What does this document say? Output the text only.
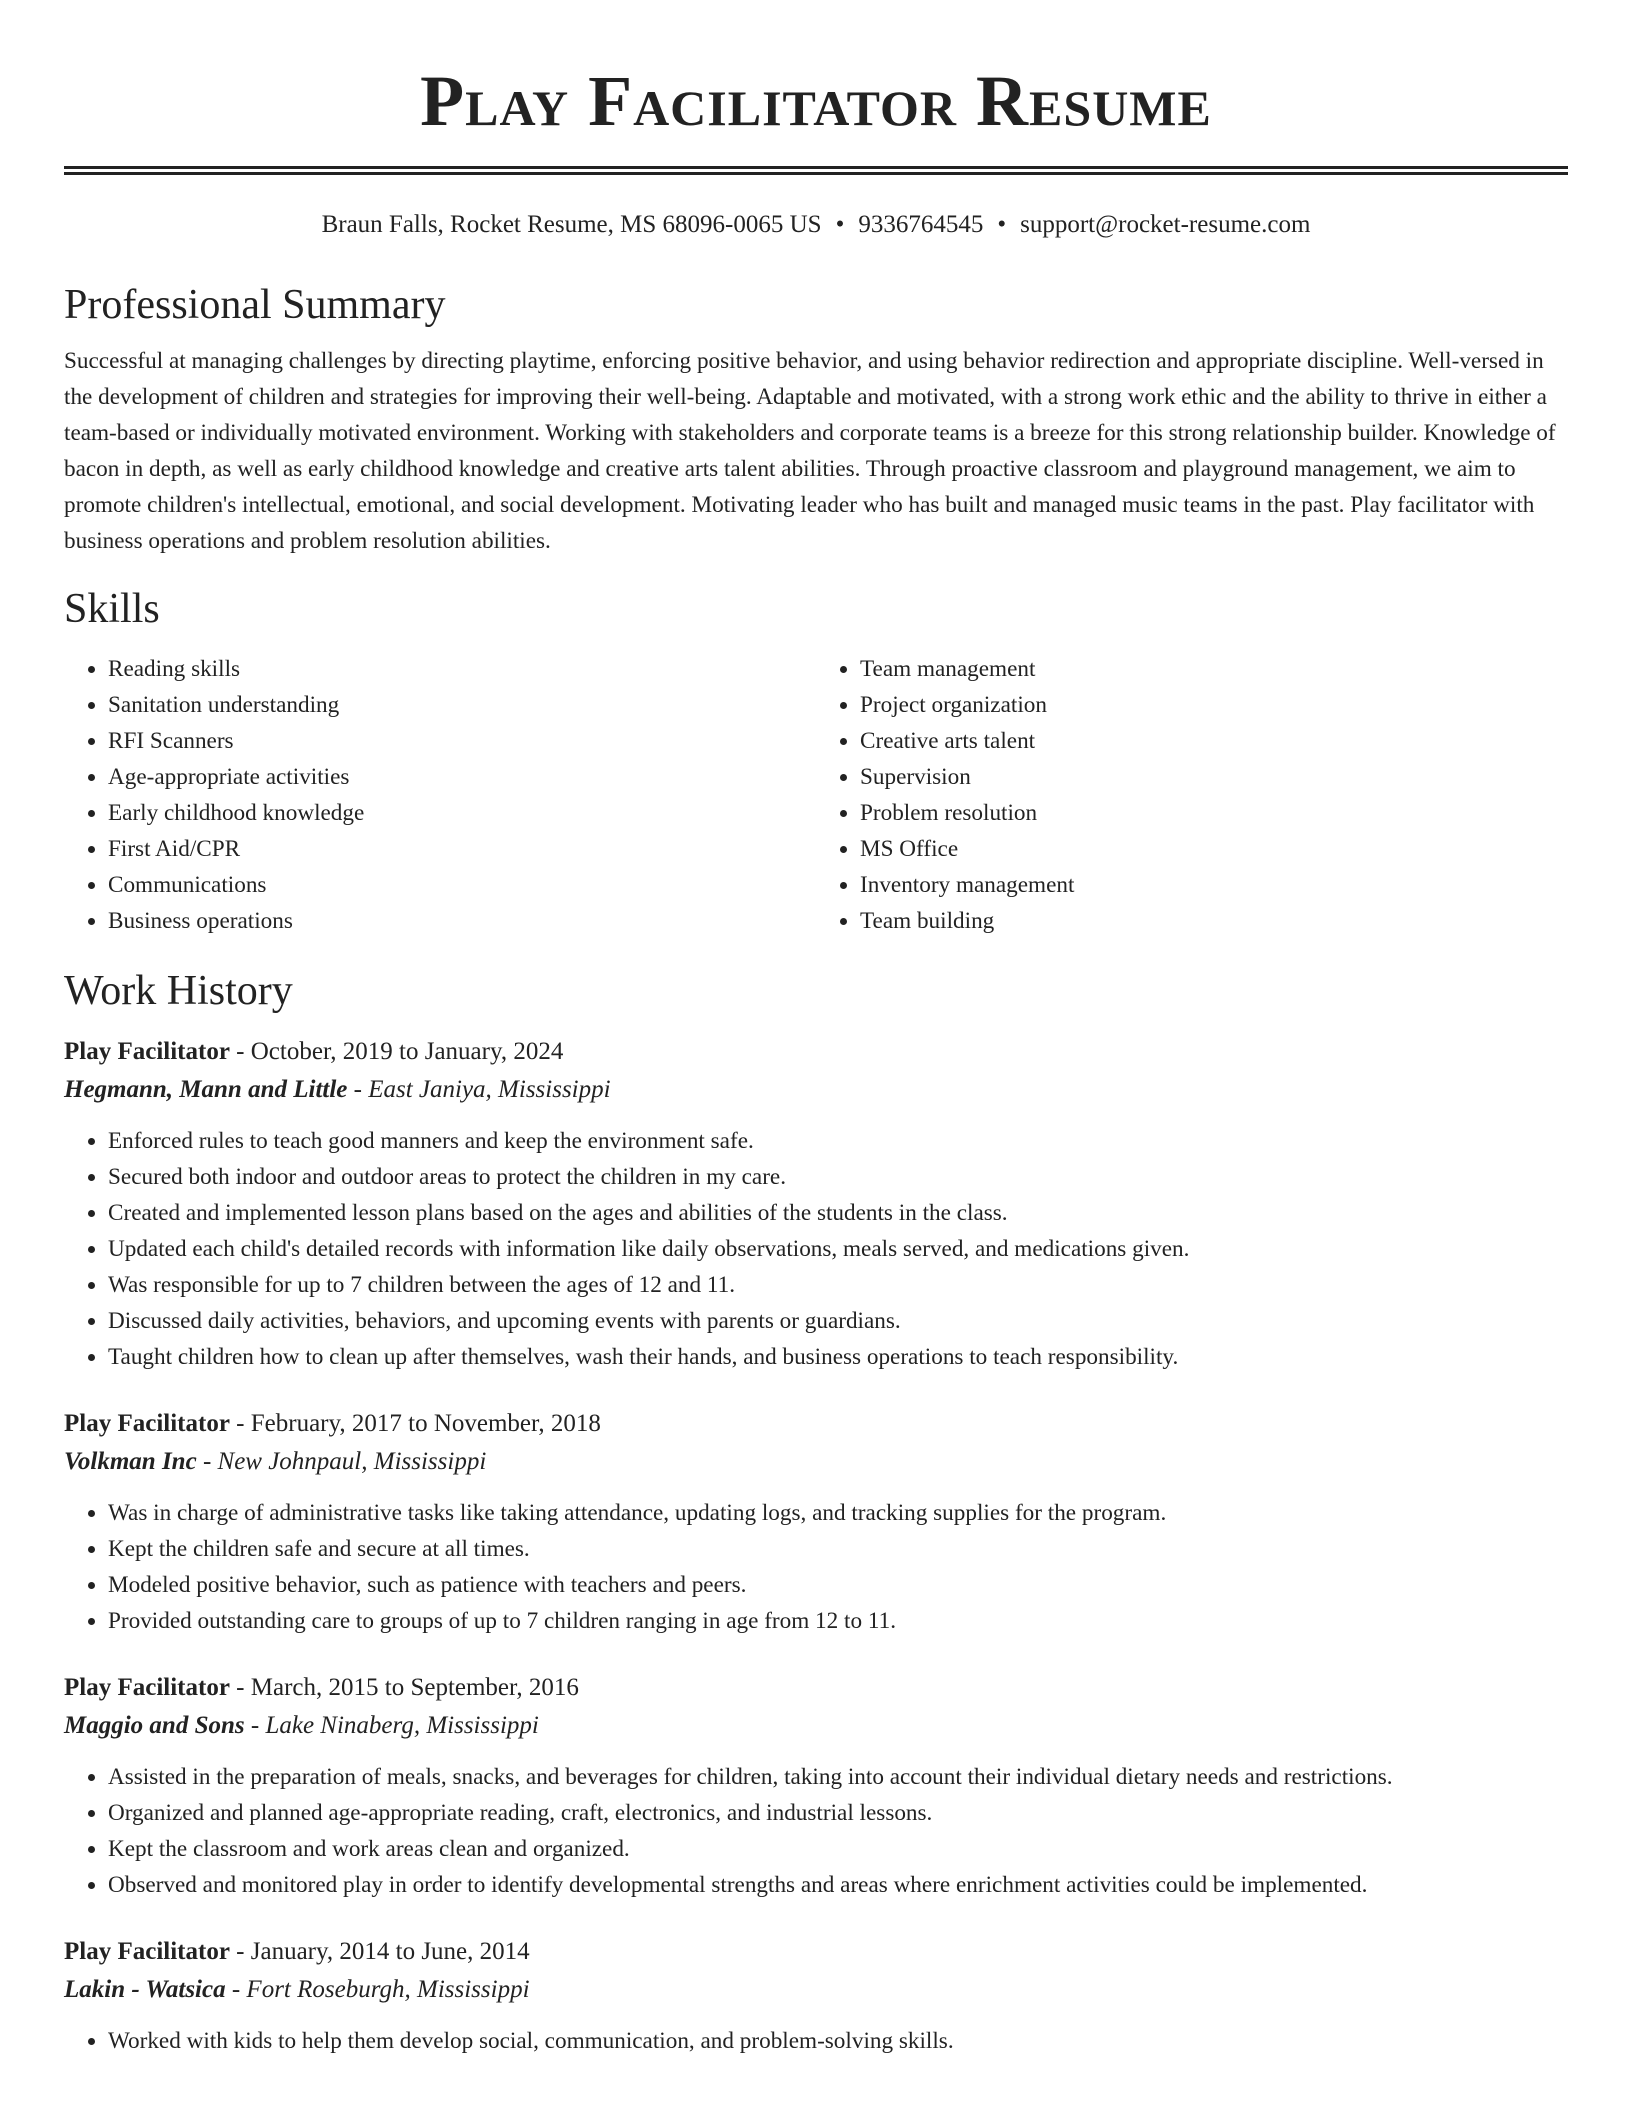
Play Facilitator Resume
Braun Falls, Rocket Resume, MS 68096-0065 US • 9336764545 • support@rocket-resume.com
Professional Summary

Successful at managing challenges by directing playtime, enforcing positive behavior, and using behavior redirection and appropriate discipline. Well-versed in the development of children and strategies for improving their well-being. Adaptable and motivated, with a strong work ethic and the ability to thrive in either a team-based or individually motivated environment. Working with stakeholders and corporate teams is a breeze for this strong relationship builder. Knowledge of bacon in depth, as well as early childhood knowledge and creative arts talent abilities. Through proactive classroom and playground management, we aim to promote children's intellectual, emotional, and social development. Motivating leader who has built and managed music teams in the past. Play facilitator with business operations and problem resolution abilities.

Skills
• Reading skills
• Sanitation understanding
• RFI Scanners
• Age-appropriate activities
• Early childhood knowledge
• First Aid/CPR
• Communications
• Business operations
• Team management
• Project organization
• Creative arts talent
• Supervision
• Problem resolution
• MS Office
• Inventory management
• Team building
Work History
Play Facilitator - October, 2019 to January, 2024
Hegmann, Mann and Little - East Janiya, Mississippi
• Enforced rules to teach good manners and keep the environment safe.
• Secured both indoor and outdoor areas to protect the children in my care.
• Created and implemented lesson plans based on the ages and abilities of the students in the class.
• Updated each child's detailed records with information like daily observations, meals served, and medications given.
• Was responsible for up to 7 children between the ages of 12 and 11.
• Discussed daily activities, behaviors, and upcoming events with parents or guardians.
• Taught children how to clean up after themselves, wash their hands, and business operations to teach responsibility.
Play Facilitator - February, 2017 to November, 2018
Volkman Inc - New Johnpaul, Mississippi
• Was in charge of administrative tasks like taking attendance, updating logs, and tracking supplies for the program.
• Kept the children safe and secure at all times.
• Modeled positive behavior, such as patience with teachers and peers.
• Provided outstanding care to groups of up to 7 children ranging in age from 12 to 11.
Play Facilitator - March, 2015 to September, 2016
Maggio and Sons - Lake Ninaberg, Mississippi
• Assisted in the preparation of meals, snacks, and beverages for children, taking into account their individual dietary needs and restrictions.
• Organized and planned age-appropriate reading, craft, electronics, and industrial lessons.
• Kept the classroom and work areas clean and organized.
• Observed and monitored play in order to identify developmental strengths and areas where enrichment activities could be implemented.
Play Facilitator - January, 2014 to June, 2014
Lakin - Watsica - Fort Roseburgh, Mississippi
• Worked with kids to help them develop social, communication, and problem-solving skills.
